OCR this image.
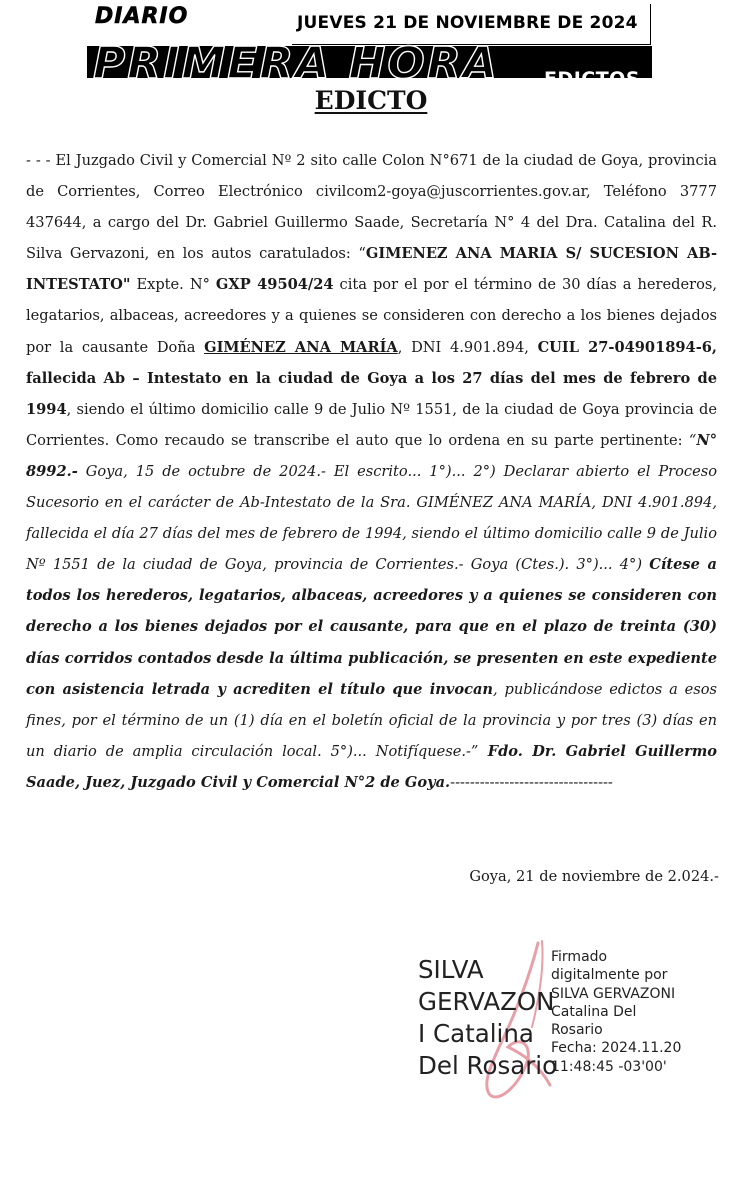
DIARIO	JUEVES 21 DE NOVIEMBRE DE 2024
PRIMERA HORA EDICTOS
EDICTO
- - - El Juzgado Civil y Comercial Nº 2 sito calle Colon N°671 de la ciudad de Goya, provincia de Corrientes, Correo Electrónico civilcom2-goya@juscorrientes.gov.ar, Teléfono 3777 437644, a cargo del Dr. Gabriel Guillermo Saade, Secretaría N° 4 del Dra. Catalina del R. Silva Gervazoni, en los autos caratulados: “GIMENEZ ANA MARIA S/ SUCESION AB-INTESTATO" Expte. N° GXP 49504/24 cita por el por el término de 30 días a herederos, legatarios, albaceas, acreedores y a quienes se consideren con derecho a los bienes dejados por la causante Doña GIMÉNEZ ANA MARÍA, DNI 4.901.894, CUIL 27-04901894-6, fallecida Ab – Intestato en la ciudad de Goya a los 27 días del mes de febrero de 1994, siendo el último domicilio calle 9 de Julio Nº 1551, de la ciudad de Goya provincia de Corrientes. Como recaudo se transcribe el auto que lo ordena en su parte pertinente: “N° 8992.- Goya, 15 de octubre de 2024.- El escrito... 1°)... 2°) Declarar abierto el Proceso Sucesorio en el carácter de Ab-Intestato de la Sra. GIMÉNEZ ANA MARÍA, DNI 4.901.894, fallecida el día 27 días del mes de febrero de 1994, siendo el último domicilio calle 9 de Julio Nº 1551 de la ciudad de Goya, provincia de Corrientes.- Goya (Ctes.). 3°)... 4°) Cítese a todos los herederos, legatarios, albaceas, acreedores y a quienes se consideren con derecho a los bienes dejados por el causante, para que en el plazo de treinta (30) días corridos contados desde la última publicación, se presenten en este expediente con asistencia letrada y acrediten el título que invocan, publicándose edictos a esos fines, por el término de un (1) día en el boletín oficial de la provincia y por tres (3) días en un diario de amplia circulación local. 5°)... Notifíquese.-” Fdo. Dr. Gabriel Guillermo Saade, Juez, Juzgado Civil y Comercial N°2 de Goya.---------------------------------
Goya, 21 de noviembre de 2.024.-
SILVA
GERVAZON
I Catalina
Del Rosario
Firmado
digitalmente por
SILVA GERVAZONI
Catalina Del
Rosario
Fecha: 2024.11.20
11:48:45 -03'00'
